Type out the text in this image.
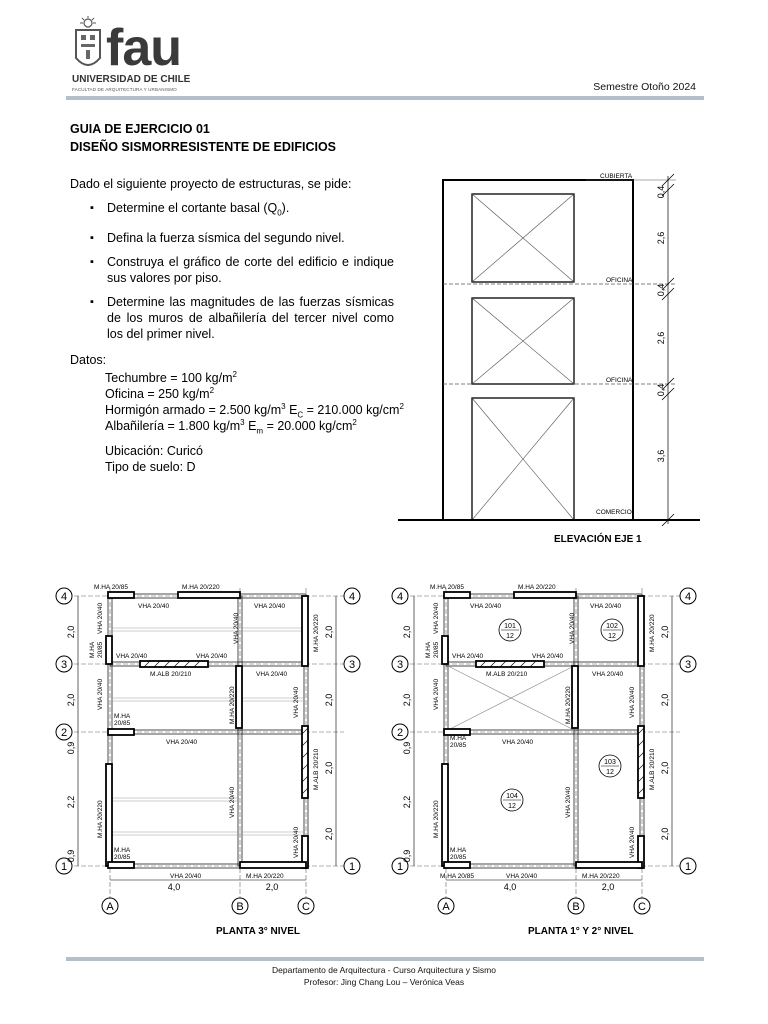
fau
UNIVERSIDAD DE CHILE
FACULTAD DE ARQUITECTURA Y URBANISMO	Semestre Otoño 2024
GUIA DE EJERCICIO 01
DISEÑO SISMORRESISTENTE DE EDIFICIOS
Dado el siguiente proyecto de estructuras, se pide:
▪ Determine el cortante basal $(Q_0)$.
▪ Defina la fuerza sísmica del segundo nivel.
▪ Construya el gráfico de corte del edificio e indique sus valores por piso.
▪ Determine las magnitudes de las fuerzas sísmicas de los muros de albañilería del tercer nivel como los del primer nivel.
Datos:
Techumbre = 100 $kg/m^2$
Oficina = 250 $kg/m^2$
Hormigón armado = 2.500 $kg/m^3$ $E_C = 210.000$ $kg/cm^2$
Albañilería = 1.800 $kg/m^3$ $E_m = 20.000$ $kg/cm^2$
Ubicación: Curicó
Tipo de suelo: D
0,4
2,6
0,4
2,6
0,4
3,6
CUBIERTA
OFICINA
OFICINA
COMERCIO
ELEVACIÓN EJE 1
4	4
3	3
2
1	1
A	B	C
2,0
2,0
0,9
2,2
0,9
2,0
2,0
2,0
2,0
4,0	2,0
M.HA 20/85	M.HA 20/220
VHA 20/40	VHA 20/40
VHA 20/40	VHA 20/40
M.ALB 20/210	VHA 20/40
M.HA
20/85
VHA 20/40
M.HA
20/85
VHA 20/40	M.HA 20/220
VHA 20/40
M.HA 20/85
VHA 20/40	M.HA 20/220
VHA 20/40	M.HA 20/220	VHA 20/40
M.ALB 20/210
M.HA 20/220	VHA 20/40
VHA 20/40
PLANTA 3° NIVEL
4	4
3	3
2
1	1
A	B	C
101
12
102
12
103
12
104
12
2,0
2,0
0,9
2,2
0,9
2,0
2,0
2,0
2,0
4,0	2,0
M.HA 20/85	M.HA 20/220
VHA 20/40	VHA 20/40
VHA 20/40	VHA 20/40
M.ALB 20/210	VHA 20/40
M.HA
20/85	VHA 20/40
M.HA
20/85
M.HA 20/85	VHA 20/40	M.HA 20/220
VHA 20/40
M.HA 20/85
VHA 20/40	M.HA 20/220
VHA 20/40	M.HA 20/220	VHA 20/40
M.ALB 20/210
M.HA 20/220	VHA 20/40
VHA 20/40
PLANTA 1° Y 2° NIVEL
Departamento de Arquitectura - Curso Arquitectura y Sismo
Profesor: Jing Chang Lou – Verónica Veas
